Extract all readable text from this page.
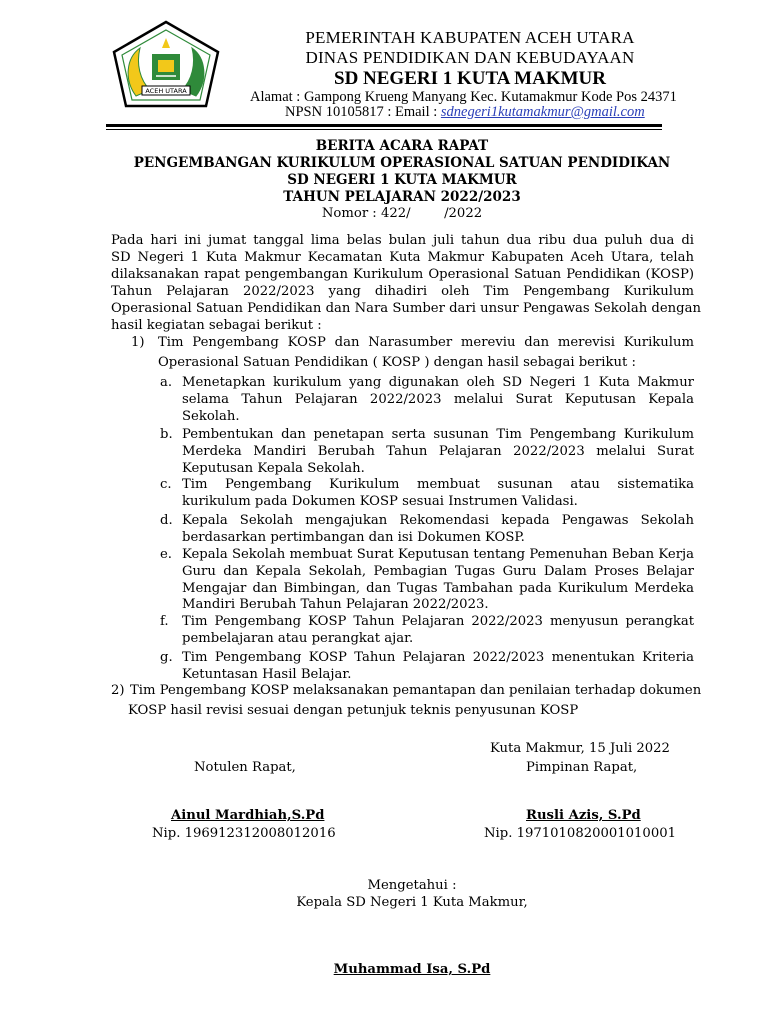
ACEH UTARA
PEMERINTAH KABUPATEN ACEH UTARA
DINAS PENDIDIKAN DAN KEBUDAYAAN
SD NEGERI 1 KUTA MAKMUR
Alamat : Gampong Krueng Manyang Kec. Kutamakmur Kode Pos 24371
NPSN 10105817 : Email : sdnegeri1kutamakmur@gmail.com
BERITA ACARA RAPAT
PENGEMBANGAN KURIKULUM OPERASIONAL SATUAN PENDIDIKAN
SD NEGERI 1 KUTA MAKMUR
TAHUN PELAJARAN 2022/2023
Nomor : 422/        /2022
Pada hari ini jumat tanggal lima belas bulan juli tahun dua ribu dua puluh dua di
SD Negeri 1 Kuta Makmur Kecamatan Kuta Makmur Kabupaten Aceh Utara, telah
dilaksanakan rapat pengembangan Kurikulum Operasional Satuan Pendidikan (KOSP)
Tahun Pelajaran 2022/2023 yang dihadiri oleh Tim Pengembang Kurikulum
Operasional Satuan Pendidikan dan Nara Sumber dari unsur Pengawas Sekolah dengan
hasil kegiatan sebagai berikut :
1) Tim Pengembang KOSP dan Narasumber mereviu dan merevisi Kurikulum
Operasional Satuan Pendidikan ( KOSP ) dengan hasil sebagai berikut :
a. Menetapkan kurikulum yang digunakan oleh SD Negeri 1 Kuta Makmur
selama Tahun Pelajaran 2022/2023 melalui Surat Keputusan Kepala
Sekolah.
b. Pembentukan dan penetapan serta susunan Tim Pengembang Kurikulum
Merdeka Mandiri Berubah Tahun Pelajaran 2022/2023 melalui Surat
Keputusan Kepala Sekolah.
c. Tim Pengembang Kurikulum membuat susunan atau sistematika
kurikulum pada Dokumen KOSP sesuai Instrumen Validasi.
d. Kepala Sekolah mengajukan Rekomendasi kepada Pengawas Sekolah
berdasarkan pertimbangan dan isi Dokumen KOSP.
e. Kepala Sekolah membuat Surat Keputusan tentang Pemenuhan Beban Kerja
Guru dan Kepala Sekolah, Pembagian Tugas Guru Dalam Proses Belajar
Mengajar dan Bimbingan, dan Tugas Tambahan pada Kurikulum Merdeka
Mandiri Berubah Tahun Pelajaran 2022/2023.
f. Tim Pengembang KOSP Tahun Pelajaran 2022/2023 menyusun perangkat
pembelajaran atau perangkat ajar.
g. Tim Pengembang KOSP Tahun Pelajaran 2022/2023 menentukan Kriteria
Ketuntasan Hasil Belajar.
2) Tim Pengembang KOSP melaksanakan pemantapan dan penilaian terhadap dokumen
KOSP hasil revisi sesuai dengan petunjuk teknis penyusunan KOSP
Kuta Makmur, 15 Juli 2022
Notulen Rapat,	Pimpinan Rapat,
Ainul Mardhiah,S.Pd
Nip. 196912312008012016
Rusli Azis, S.Pd
Nip. 1971010820001010001
Mengetahui :
Kepala SD Negeri 1 Kuta Makmur,
Muhammad Isa, S.Pd
